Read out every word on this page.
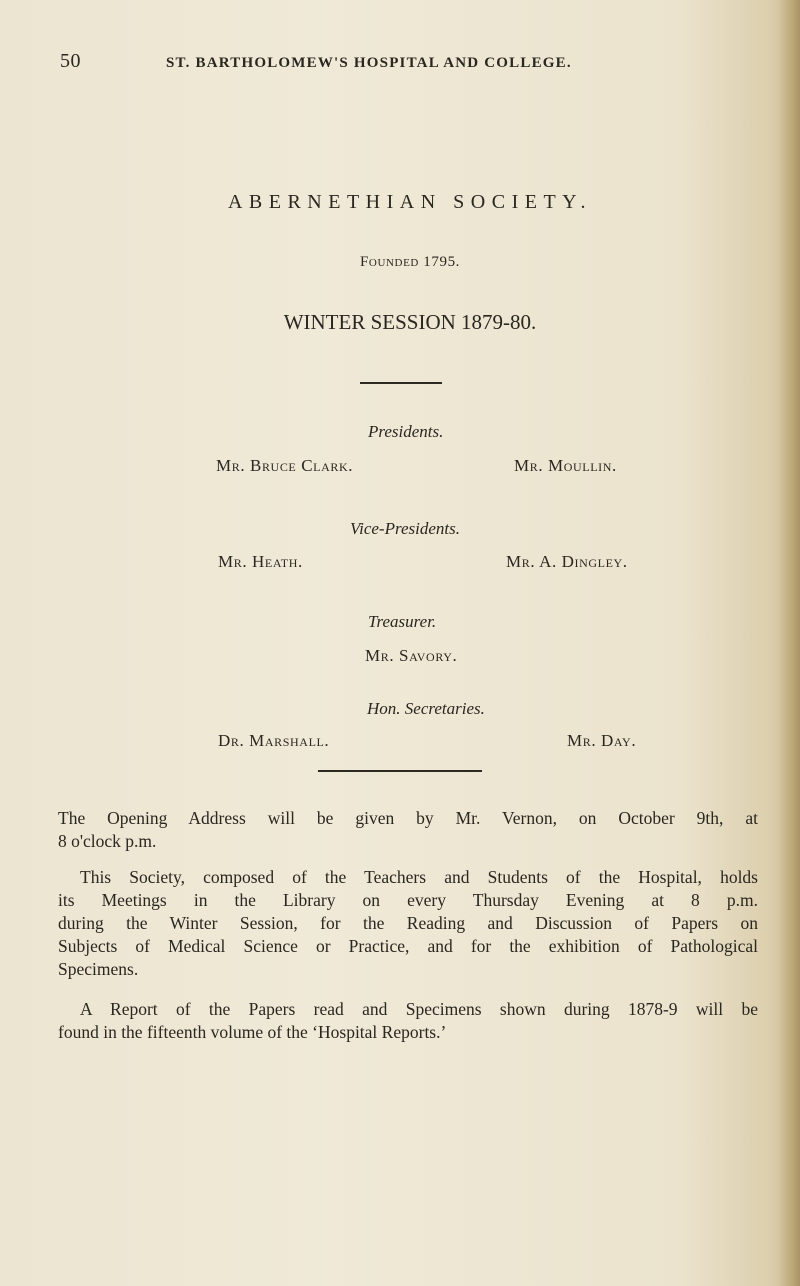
50	ST. BARTHOLOMEW'S HOSPITAL AND COLLEGE.
ABERNETHIAN SOCIETY.
Founded 1795.
WINTER SESSION 1879-80.
Presidents.
Mr. Bruce Clark.	Mr. Moullin.
Vice-Presidents.
Mr. Heath.	Mr. A. Dingley.
Treasurer.
Mr. Savory.
Hon. Secretaries.
Dr. Marshall.	Mr. Day.
The Opening Address will be given by Mr. Vernon, on October 9th, at
8 o'clock p.m.
This Society, composed of the Teachers and Students of the Hospital, holds
its Meetings in the Library on every Thursday Evening at 8 p.m.
during the Winter Session, for the Reading and Discussion of Papers on
Subjects of Medical Science or Practice, and for the exhibition of Pathological
Specimens.
A Report of the Papers read and Specimens shown during 1878-9 will be
found in the fifteenth volume of the ‘Hospital Reports.’
